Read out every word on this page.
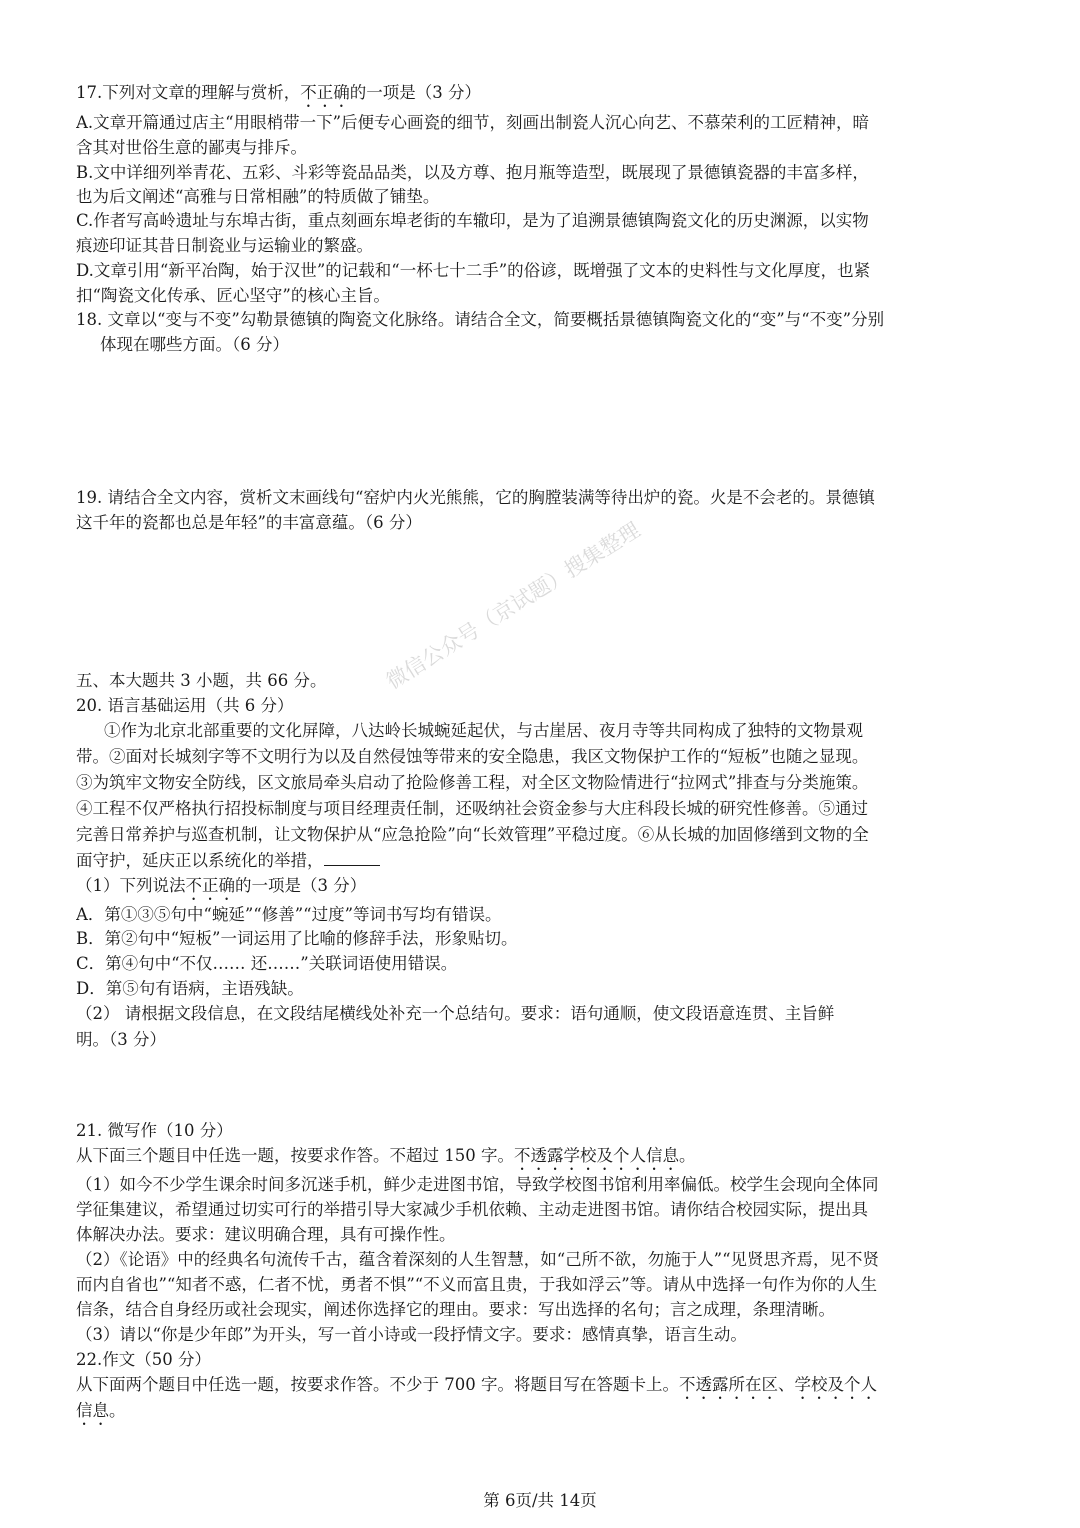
17.下列对文章的理解与赏析，不正确的一项是（3 分）
A.文章开篇通过店主“用眼梢带一下”后便专心画瓷的细节，刻画出制瓷人沉心向艺、不慕荣利的工匠精神，暗
含其对世俗生意的鄙夷与排斥。
B.文中详细列举青花、五彩、斗彩等瓷品品类，以及方尊、抱月瓶等造型，既展现了景德镇瓷器的丰富多样，
也为后文阐述“高雅与日常相融”的特质做了铺垫。
C.作者写高岭遗址与东埠古街，重点刻画东埠老街的车辙印，是为了追溯景德镇陶瓷文化的历史渊源，以实物
痕迹印证其昔日制瓷业与运输业的繁盛。
D.文章引用“新平冶陶，始于汉世”的记载和“一杯七十二手”的俗谚，既增强了文本的史料性与文化厚度，也紧
扣“陶瓷文化传承、匠心坚守”的核心主旨。
18. 文章以“变与不变”勾勒景德镇的陶瓷文化脉络。请结合全文，简要概括景德镇陶瓷文化的“变”与“不变”分别
体现在哪些方面。（6 分）
19. 请结合全文内容，赏析文末画线句“窑炉内火光熊熊，它的胸膛装满等待出炉的瓷。火是不会老的。景德镇
这千年的瓷都也总是年轻”的丰富意蕴。（6 分）
五、本大题共 3 小题，共 66 分。
20. 语言基础运用（共 6 分）
①作为北京北部重要的文化屏障，八达岭长城蜿延起伏，与古崖居、夜月寺等共同构成了独特的文物景观
带。②面对长城刻字等不文明行为以及自然侵蚀等带来的安全隐患，我区文物保护工作的“短板”也随之显现。
③为筑牢文物安全防线，区文旅局牵头启动了抢险修善工程，对全区文物险情进行“拉网式”排查与分类施策。
④工程不仅严格执行招投标制度与项目经理责任制，还吸纳社会资金参与大庄科段长城的研究性修善。⑤通过
完善日常养护与巡查机制，让文物保护从“应急抢险”向“长效管理”平稳过度。⑥从长城的加固修缮到文物的全
面守护，延庆正以系统化的举措，
（1）下列说法不正确的一项是（3 分）
A．第①③⑤句中“蜿延”“修善”“过度”等词书写均有错误。
B．第②句中“短板”一词运用了比喻的修辞手法，形象贴切。
C．第④句中“不仅…… 还……”关联词语使用错误。
D．第⑤句有语病，主语残缺。
（2） 请根据文段信息，在文段结尾横线处补充一个总结句。要求：语句通顺，使文段语意连贯、主旨鲜
明。（3 分）
21. 微写作（10 分）
从下面三个题目中任选一题，按要求作答。不超过 150 字。不透露学校及个人信息。
（1）如今不少学生课余时间多沉迷手机，鲜少走进图书馆，导致学校图书馆利用率偏低。校学生会现向全体同
学征集建议，希望通过切实可行的举措引导大家减少手机依赖、主动走进图书馆。请你结合校园实际，提出具
体解决办法。要求：建议明确合理，具有可操作性。
（2）《论语》中的经典名句流传千古，蕴含着深刻的人生智慧，如“己所不欲，勿施于人”“见贤思齐焉，见不贤
而内自省也”“知者不惑，仁者不忧，勇者不惧”“不义而富且贵，于我如浮云”等。请从中选择一句作为你的人生
信条，结合自身经历或社会现实，阐述你选择它的理由。要求：写出选择的名句；言之成理，条理清晰。
（3）请以“你是少年郎”为开头，写一首小诗或一段抒情文字。要求：感情真挚，语言生动。
22.作文（50 分）
从下面两个题目中任选一题，按要求作答。不少于 700 字。将题目写在答题卡上。不透露所在区、学校及个人
信息。
微信公众号（京试题）搜集整理
第 6页/共 14页
